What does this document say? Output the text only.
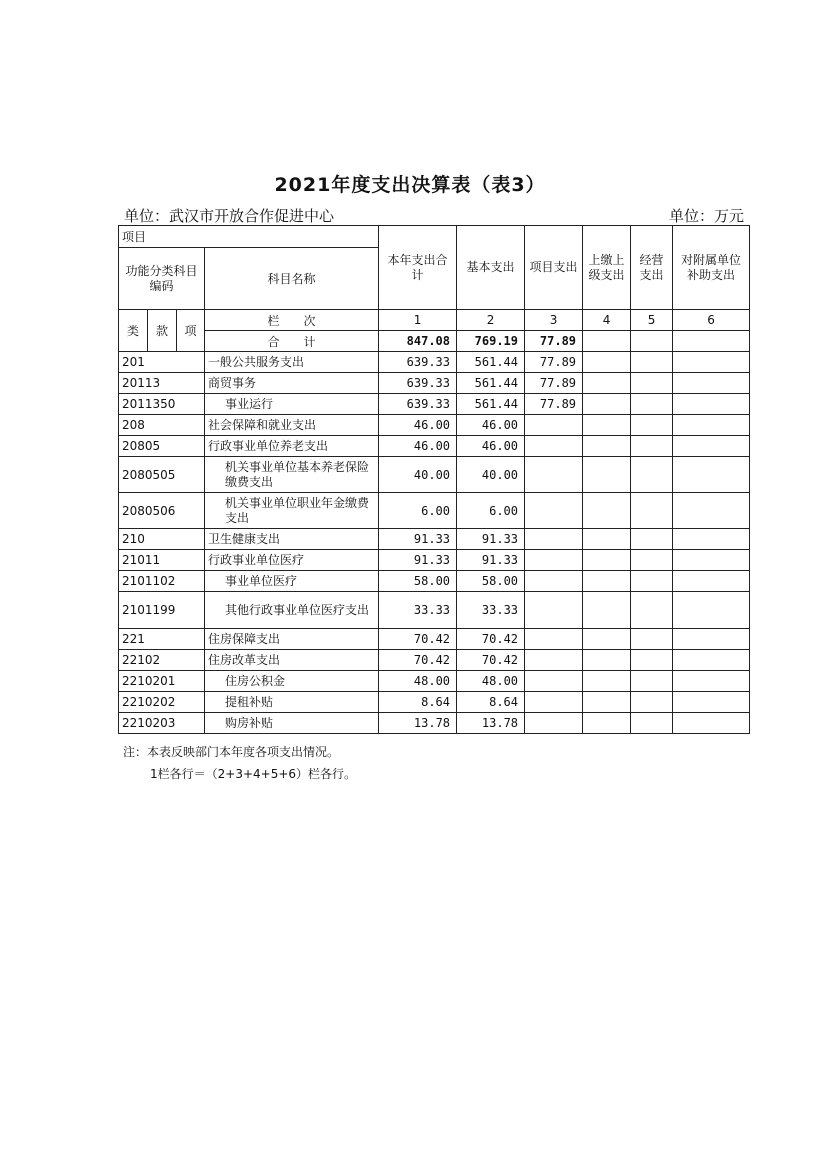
2021年度支出决算表（表3）
单位：武汉市开放合作促进中心	单位：万元
项目				本年支出合计	基本支出	项目支出	上缴上级支出	经营支出	对附属单位补助支出
功能分类科目编码			科目名称						

类	款	项	栏　　次	1	2	3	4	5	6
			合　　计	847.08	769.19	77.89			
201			一般公共服务支出	639.33	561.44	77.89			
20113			商贸事务	639.33	561.44	77.89			
2011350			事业运行	639.33	561.44	77.89			
208			社会保障和就业支出	46.00	46.00				
20805			行政事业单位养老支出	46.00	46.00				
2080505			机关事业单位基本养老保险缴费支出	40.00	40.00				
2080506			机关事业单位职业年金缴费支出	6.00	6.00				
210			卫生健康支出	91.33	91.33				
21011			行政事业单位医疗	91.33	91.33				
2101102			事业单位医疗	58.00	58.00				
2101199			其他行政事业单位医疗支出	33.33	33.33				
221			住房保障支出	70.42	70.42				
22102			住房改革支出	70.42	70.42				
2210201			住房公积金	48.00	48.00				
2210202			提租补贴	8.64	8.64				
2210203			购房补贴	13.78	13.78				
注：本表反映部门本年度各项支出情况。
1栏各行＝（2+3+4+5+6）栏各行。
